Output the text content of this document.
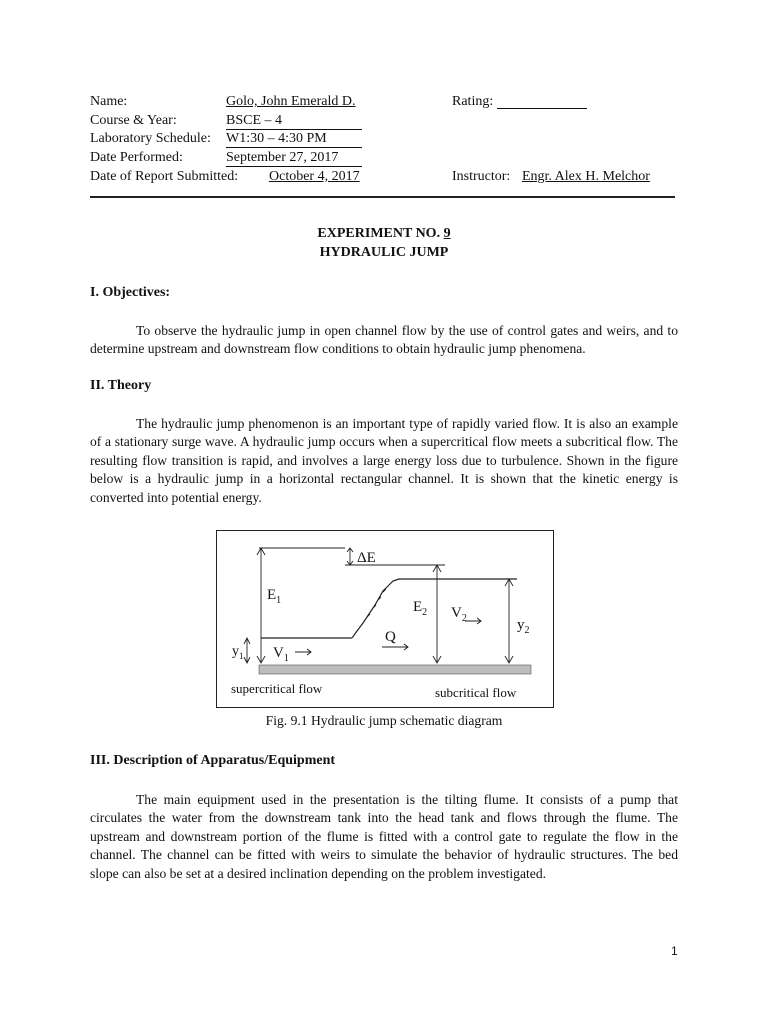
Name:	Golo, John Emerald D.	Rating:
Course & Year:	BSCE – 4
Laboratory Schedule: W1:30 – 4:30 PM
Date Performed:	September 27, 2017
Date of Report Submitted: October 4, 2017	Instructor: Engr. Alex H. Melchor
EXPERIMENT NO. 9
HYDRAULIC JUMP
I. Objectives:
To observe the hydraulic jump in open channel flow by the use of control gates and weirs, and to determine upstream and downstream flow conditions to obtain hydraulic jump phenomena.
II. Theory
The hydraulic jump phenomenon is an important type of rapidly varied flow. It is also an example of a stationary surge wave. A hydraulic jump occurs when a supercritical flow meets a subcritical flow. The resulting flow transition is rapid, and involves a large energy loss due to turbulence. Shown in the figure below is a hydraulic jump in a horizontal rectangular channel. It is shown that the kinetic energy is converted into potential energy.
ΔE
$E_1$	$E_2$
$y_1$
$y_2$
$V_1$
$V_2$
Q
supercritical flow	subcritical flow
Fig. 9.1 Hydraulic jump schematic diagram
III. Description of Apparatus/Equipment
The main equipment used in the presentation is the tilting flume. It consists of a pump that circulates the water from the downstream tank into the head tank and flows through the flume. The upstream and downstream portion of the flume is fitted with a control gate to regulate the flow in the channel. The channel can be fitted with weirs to simulate the behavior of hydraulic structures. The bed slope can also be set at a desired inclination depending on the problem investigated.
1
